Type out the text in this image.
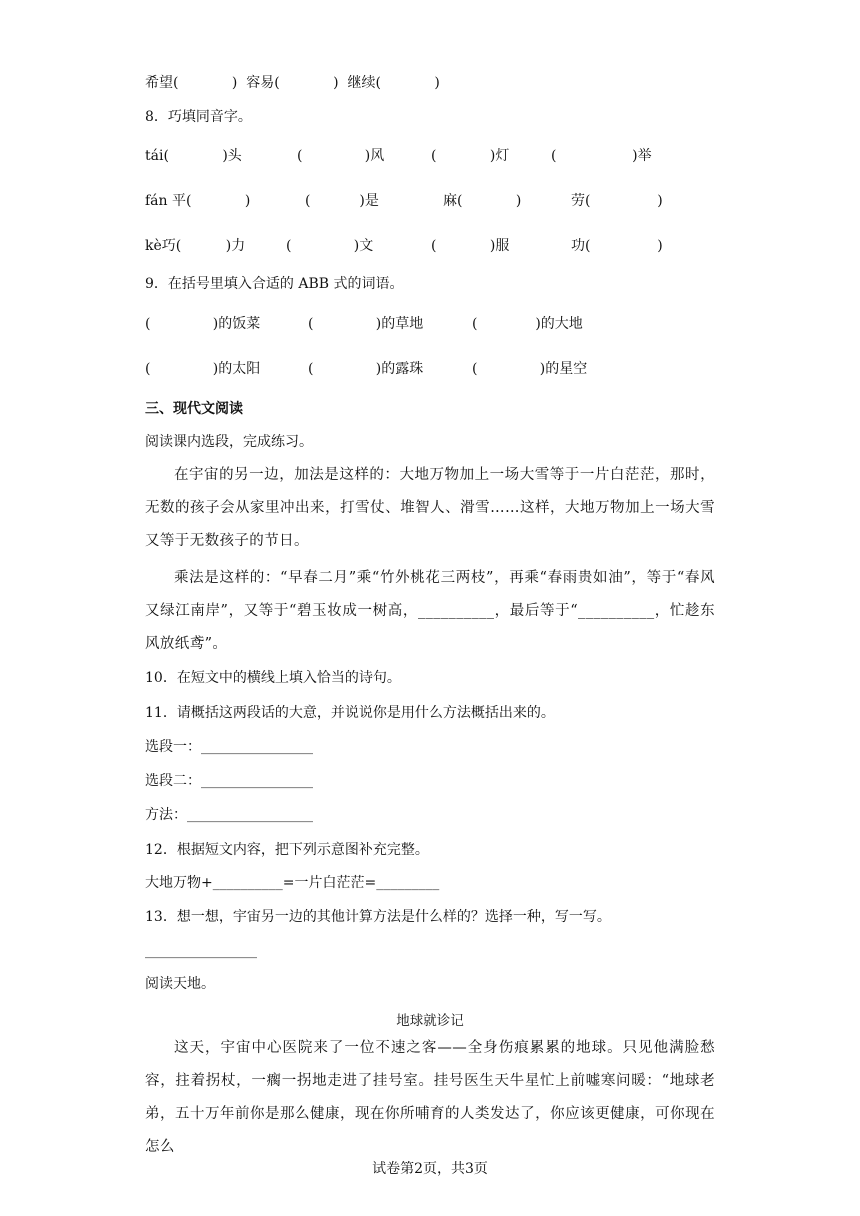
希望(            )  容易(            )  继续(            )
8．巧填同音字。
tái(            )头	(              )风	(            )灯	(                 )举
fán 平(            )	(           )是	麻(            )	劳(               )
kè巧(          )力	(              )文	(            )服	功(               )
9．在括号里填入合适的 ABB 式的词语。
(              )的饭菜	(              )的草地	(             )的大地
(              )的太阳	(              )的露珠	(              )的星空
三、现代文阅读
阅读课内选段，完成练习。

在宇宙的另一边，加法是这样的：大地万物加上一场大雪等于一片白茫茫，那时，无数的孩子会从家里冲出来，打雪仗、堆智人、滑雪……这样，大地万物加上一场大雪又等于无数孩子的节日。

乘法是这样的：“早春二月”乘“竹外桃花三两枝”，再乘“春雨贵如油”，等于“春风又绿江南岸”，又等于“碧玉妆成一树高，__________，最后等于“__________，忙趁东风放纸鸢”。

10．在短文中的横线上填入恰当的诗句。
11．请概括这两段话的大意，并说说你是用什么方法概括出来的。
选段一：________________
选段二：________________
方法：__________________
12．根据短文内容，把下列示意图补充完整。
大地万物+__________=一片白茫茫=_________
13．想一想，宇宙另一边的其他计算方法是什么样的？选择一种，写一写。
________________
阅读天地。
地球就诊记

这天，宇宙中心医院来了一位不速之客——全身伤痕累累的地球。只见他满脸愁容，拄着拐杖，一瘸一拐地走进了挂号室。挂号医生天牛星忙上前嘘寒问暖：“地球老弟，五十万年前你是那么健康，现在你所哺育的人类发达了，你应该更健康，可你现在怎么

试卷第2页，共3页
